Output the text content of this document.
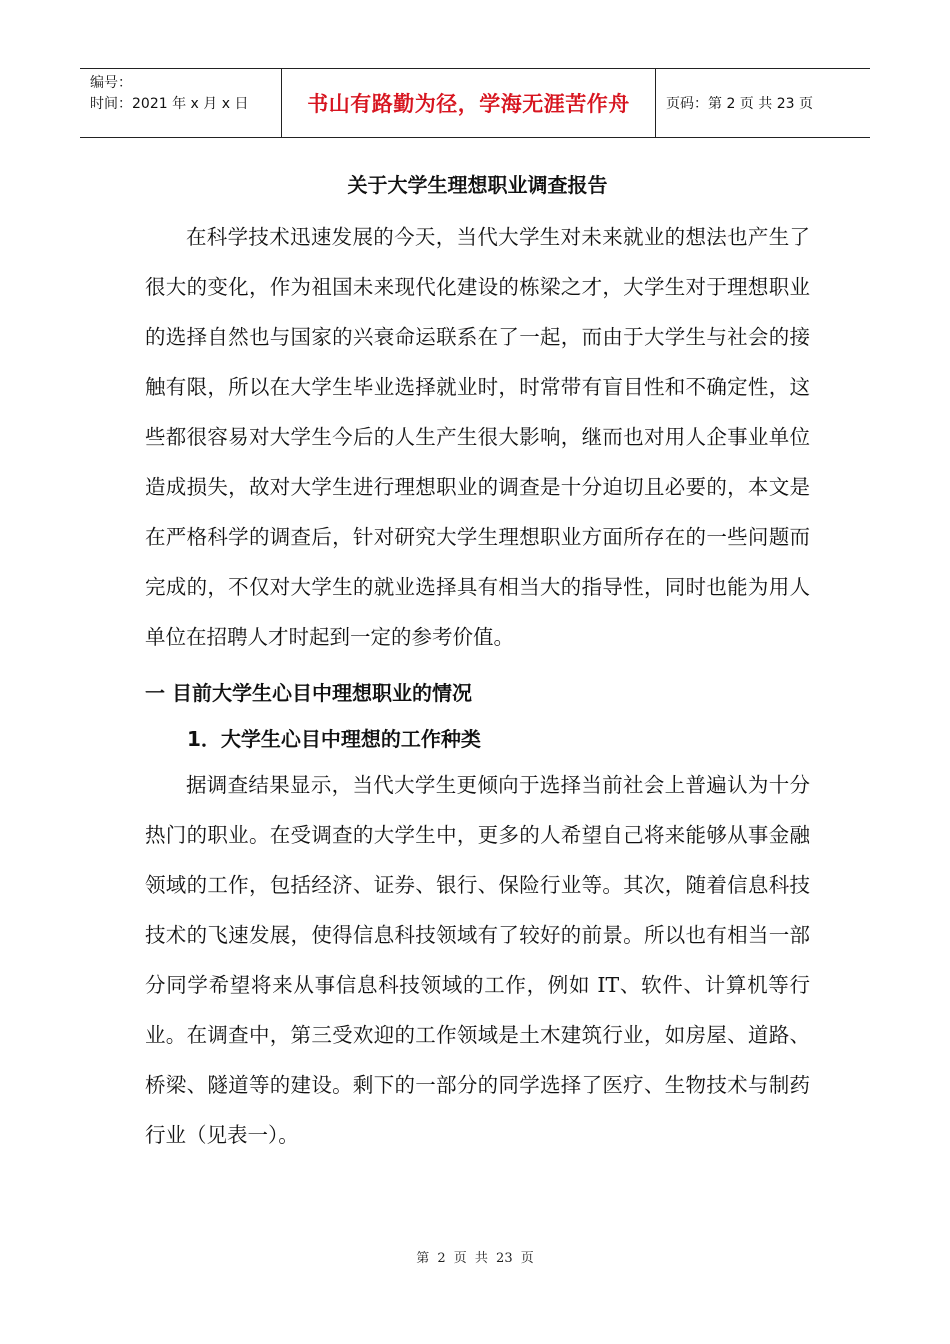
编号：
时间：2021 年 x 月 x 日	书山有路勤为径，学海无涯苦作舟	页码：第 2 页 共 23 页
关于大学生理想职业调查报告

在科学技术迅速发展的今天，当代大学生对未来就业的想法也产生了很大的变化，作为祖国未来现代化建设的栋梁之才，大学生对于理想职业的选择自然也与国家的兴衰命运联系在了一起，而由于大学生与社会的接触有限，所以在大学生毕业选择就业时，时常带有盲目性和不确定性，这些都很容易对大学生今后的人生产生很大影响，继而也对用人企事业单位造成损失，故对大学生进行理想职业的调查是十分迫切且必要的，本文是在严格科学的调查后，针对研究大学生理想职业方面所存在的一些问题而完成的，不仅对大学生的就业选择具有相当大的指导性，同时也能为用人单位在招聘人才时起到一定的参考价值。

一 目前大学生心目中理想职业的情况
1．大学生心目中理想的工作种类

据调查结果显示，当代大学生更倾向于选择当前社会上普遍认为十分热门的职业。在受调查的大学生中，更多的人希望自己将来能够从事金融领域的工作，包括经济、证券、银行、保险行业等。其次，随着信息科技技术的飞速发展，使得信息科技领域有了较好的前景。所以也有相当一部分同学希望将来从事信息科技领域的工作，例如 IT、软件、计算机等行业。在调查中，第三受欢迎的工作领域是土木建筑行业，如房屋、道路、桥梁、隧道等的建设。剩下的一部分的同学选择了医疗、生物技术与制药行业（见表一）。

第 2 页 共 23 页
